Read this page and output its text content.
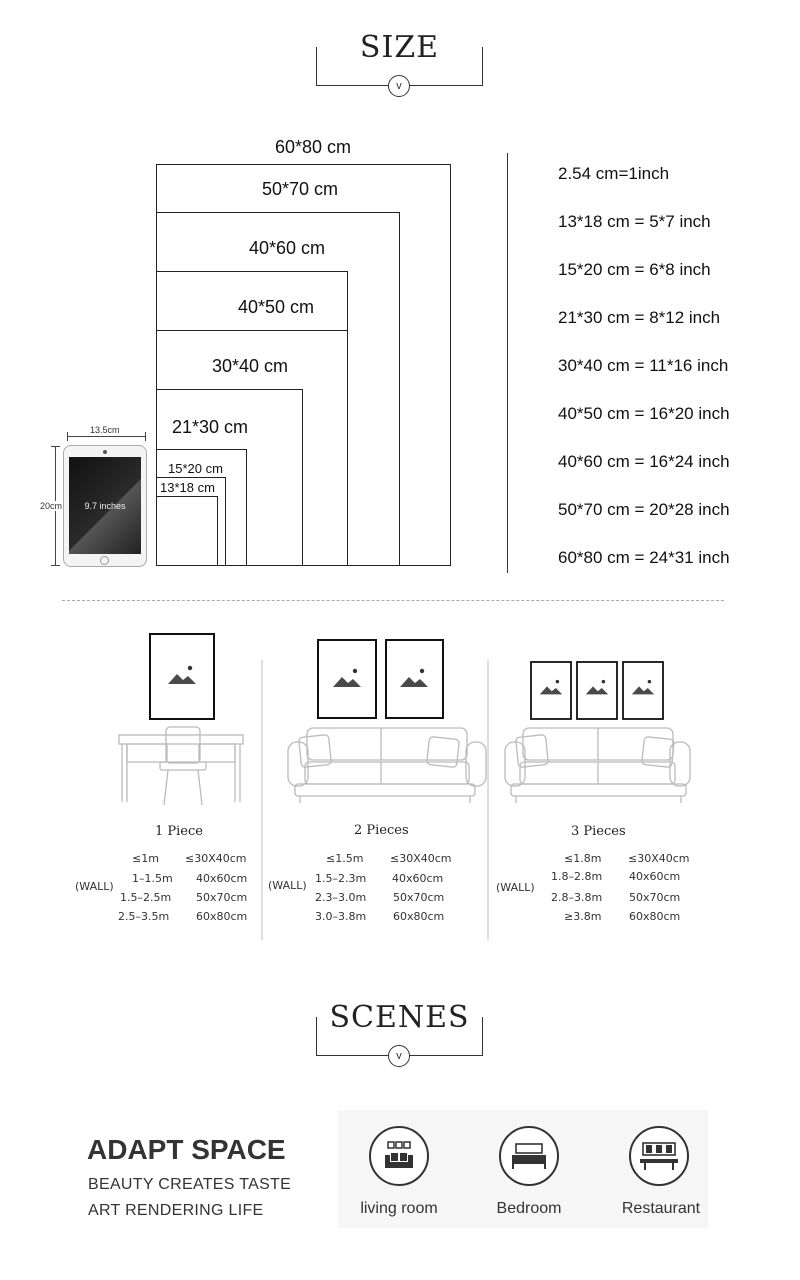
SIZE
v
60*80 cm
50*70 cm
40*60 cm
40*50 cm
30*40 cm
21*30 cm
15*20 cm
13*18 cm
13.5cm
20cm	9.7 inches
2.54 cm=1inch
13*18 cm = 5*7 inch
15*20 cm = 6*8 inch
21*30 cm = 8*12 inch
30*40 cm = 11*16 inch
40*50 cm = 16*20 inch
40*60 cm = 16*24 inch
50*70 cm = 20*28 inch
60*80 cm = 24*31 inch
1 Piece	2 Pieces	3 Pieces
(WALL)
≤1m ≤30X40cm
1–1.5m 40x60cm
1.5–2.5m 50x70cm
2.5–3.5m 60x80cm
(WALL)
≤1.5m ≤30X40cm
1.5–2.3m 40x60cm
2.3–3.0m 50x70cm
3.0–3.8m 60x80cm
(WALL)
≤1.8m ≤30X40cm
1.8–2.8m 40x60cm
2.8–3.8m 50x70cm
≥3.8m	60x80cm
SCENES
v
ADAPT SPACE
BEAUTY CREATES TASTE
ART RENDERING LIFE	living room	Bedroom	Restaurant
